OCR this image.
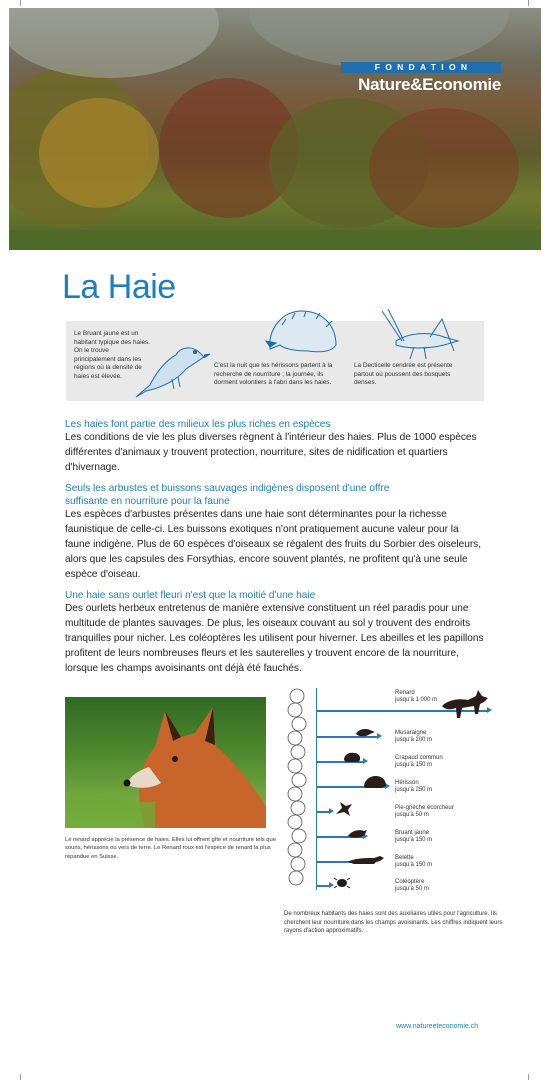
FONDATION
Nature&Economie
La Haie
Le Bruant jaune est un habitant typique des haies. On le trouve principalement dans les régions où la densité de haies est élevée.
C'est la nuit que les hérissons partent à la recherche de nourriture ; la journée, ils dorment volontiers à l'abri dans les haies.
La Decticelle cendrée est présente partout où poussent des bosquets denses.
Les haies font partie des milieux les plus riches en espèces

Les conditions de vie les plus diverses règnent à l'intérieur des haies. Plus de 1000 espèces différentes d'animaux y trouvent protection, nourriture, sites de nidification et quartiers d'hivernage.

Seuls les arbustes et buissons sauvages indigènes disposent d'une offre suffisante en nourriture pour la faune

Les espèces d'arbustes présentes dans une haie sont déterminantes pour la richesse faunistique de celle-ci. Les buissons exotiques n'ont pratiquement aucune valeur pour la faune indigène. Plus de 60 espèces d'oiseaux se régalent des fruits du Sorbier des oiseleurs, alors que les capsules des Forsythias, encore souvent plantés, ne profitent qu'à une seule espèce d'oiseau.

Une haie sans ourlet fleuri n'est que la moitié d'une haie

Des ourlets herbeux entretenus de manière extensive constituent un réel paradis pour une multitude de plantes sauvages. De plus, les oiseaux couvant au sol y trouvent des endroits tranquilles pour nicher. Les coléoptères les utilisent pour hiverner. Les abeilles et les papillons profitent de leurs nombreuses fleurs et les sauterelles y trouvent encore de la nourriture, lorsque les champs avoisinants ont déjà été fauchés.

Le renard apprécie la présence de haies. Elles lui offrent gîte et nourriture tels que souris, hérissons ou vers de terre. Le Renard roux est l'espèce de renard la plus répandue en Suisse.
Renard
jusqu'à 1 000 m
Musaraigne
jusqu'à 200 m
Crapaud commun
jusqu'à 150 m
Hérisson
jusqu'à 250 m
Pie-grièche écorcheur
jusqu'à 50 m
Bruant jaune
jusqu'à 150 m
Belette
jusqu'à 150 m
Coléoptère
jusqu'à 50 m
De nombreux habitants des haies sont des auxiliaires utiles pour l'agriculture. Ils cherchent leur nourriture dans les champs avoisinants. Les chiffres indiquent leurs rayons d'action approximatifs.
www.natureeteconomie.ch
